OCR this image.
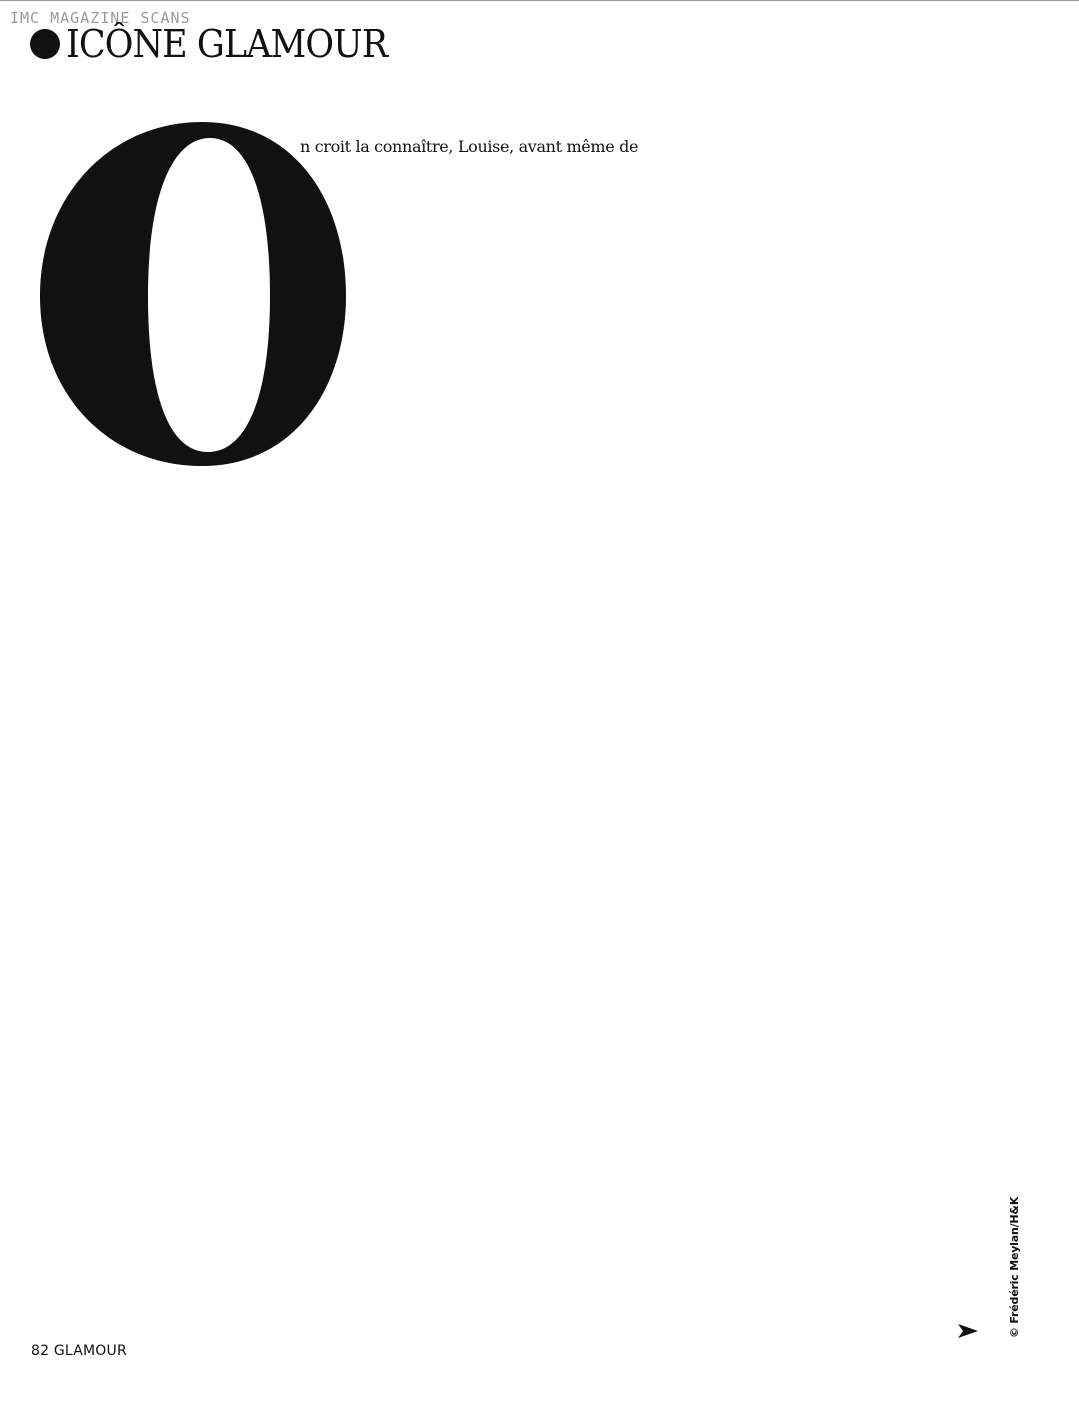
IMC MAGAZINE SCANS
ICÔNE GLAMOUR
n croit la connaître, Louise, avant même de
© Frédéric Meylan/H&K
82 GLAMOUR
